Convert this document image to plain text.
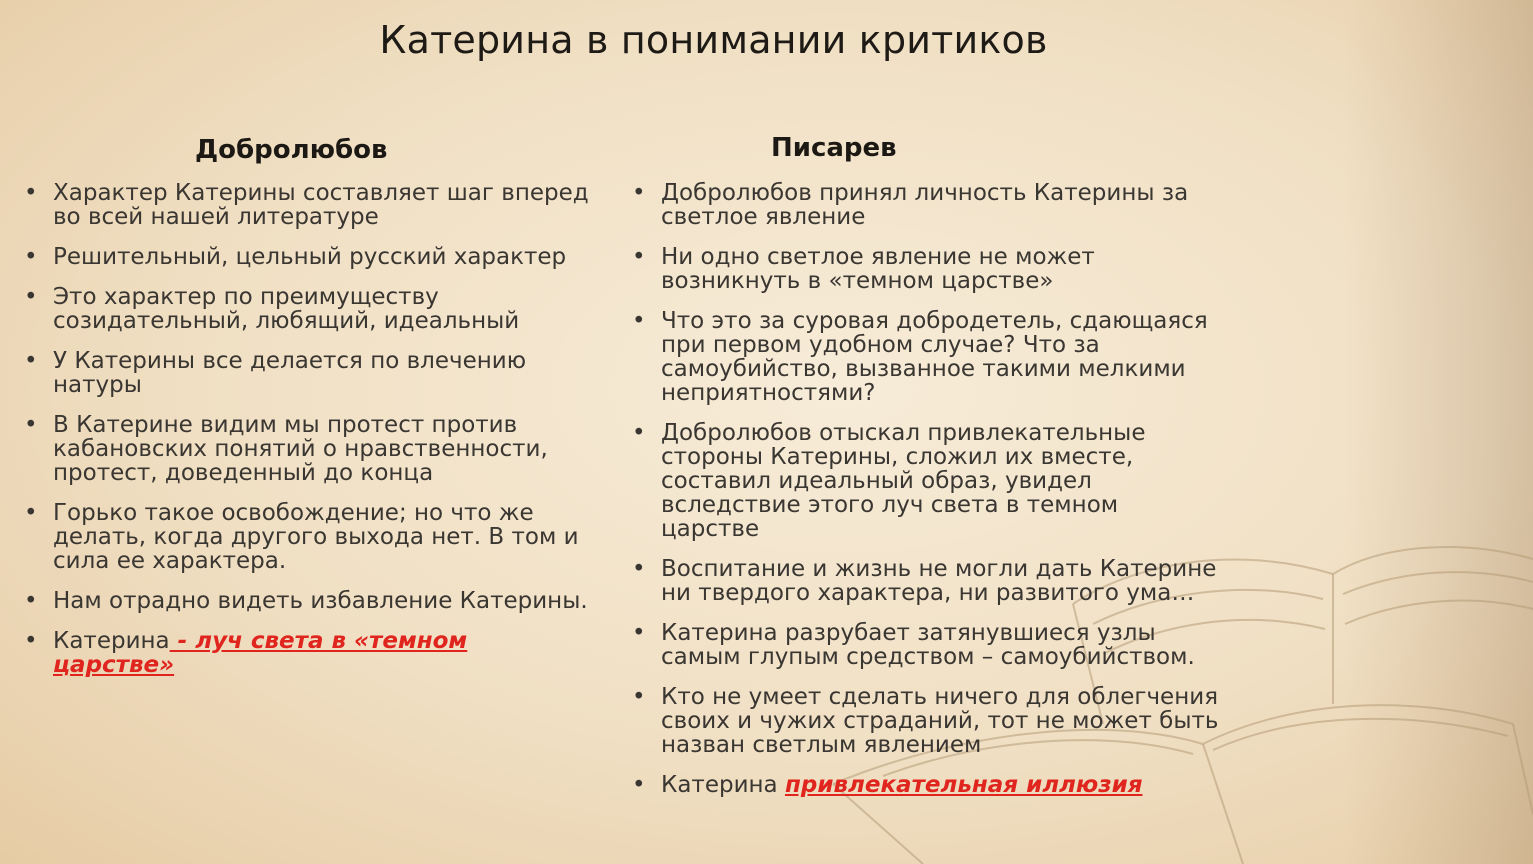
Катерина в понимании критиков
Добролюбов	Писарев
• Характер Катерины составляет шаг вперед во всей нашей литературе
• Решительный, цельный русский характер
• Это характер по преимуществу созидательный, любящий, идеальный
• У Катерины все делается по влечению натуры
• В Катерине видим мы протест против кабановских понятий о нравственности, протест, доведенный до конца
• Горько такое освобождение; но что же делать, когда другого выхода нет. В том и сила ее характера.
• Нам отрадно видеть избавление Катерины.
• Катерина - луч света в «темном царстве»
• Добролюбов принял личность Катерины за светлое явление
• Ни одно светлое явление не может возникнуть в «темном царстве»
• Что это за суровая добродетель, сдающаяся при первом удобном случае? Что за самоубийство, вызванное такими мелкими неприятностями?
• Добролюбов отыскал привлекательные стороны Катерины, сложил их вместе, составил идеальный образ, увидел вследствие этого луч света в темном царстве
• Воспитание и жизнь не могли дать Катерине ни твердого характера, ни развитого ума…
• Катерина разрубает затянувшиеся узлы самым глупым средством – самоубийством.
• Кто не умеет сделать ничего для облегчения своих и чужих страданий, тот не может быть назван светлым явлением
• Катерина привлекательная иллюзия
